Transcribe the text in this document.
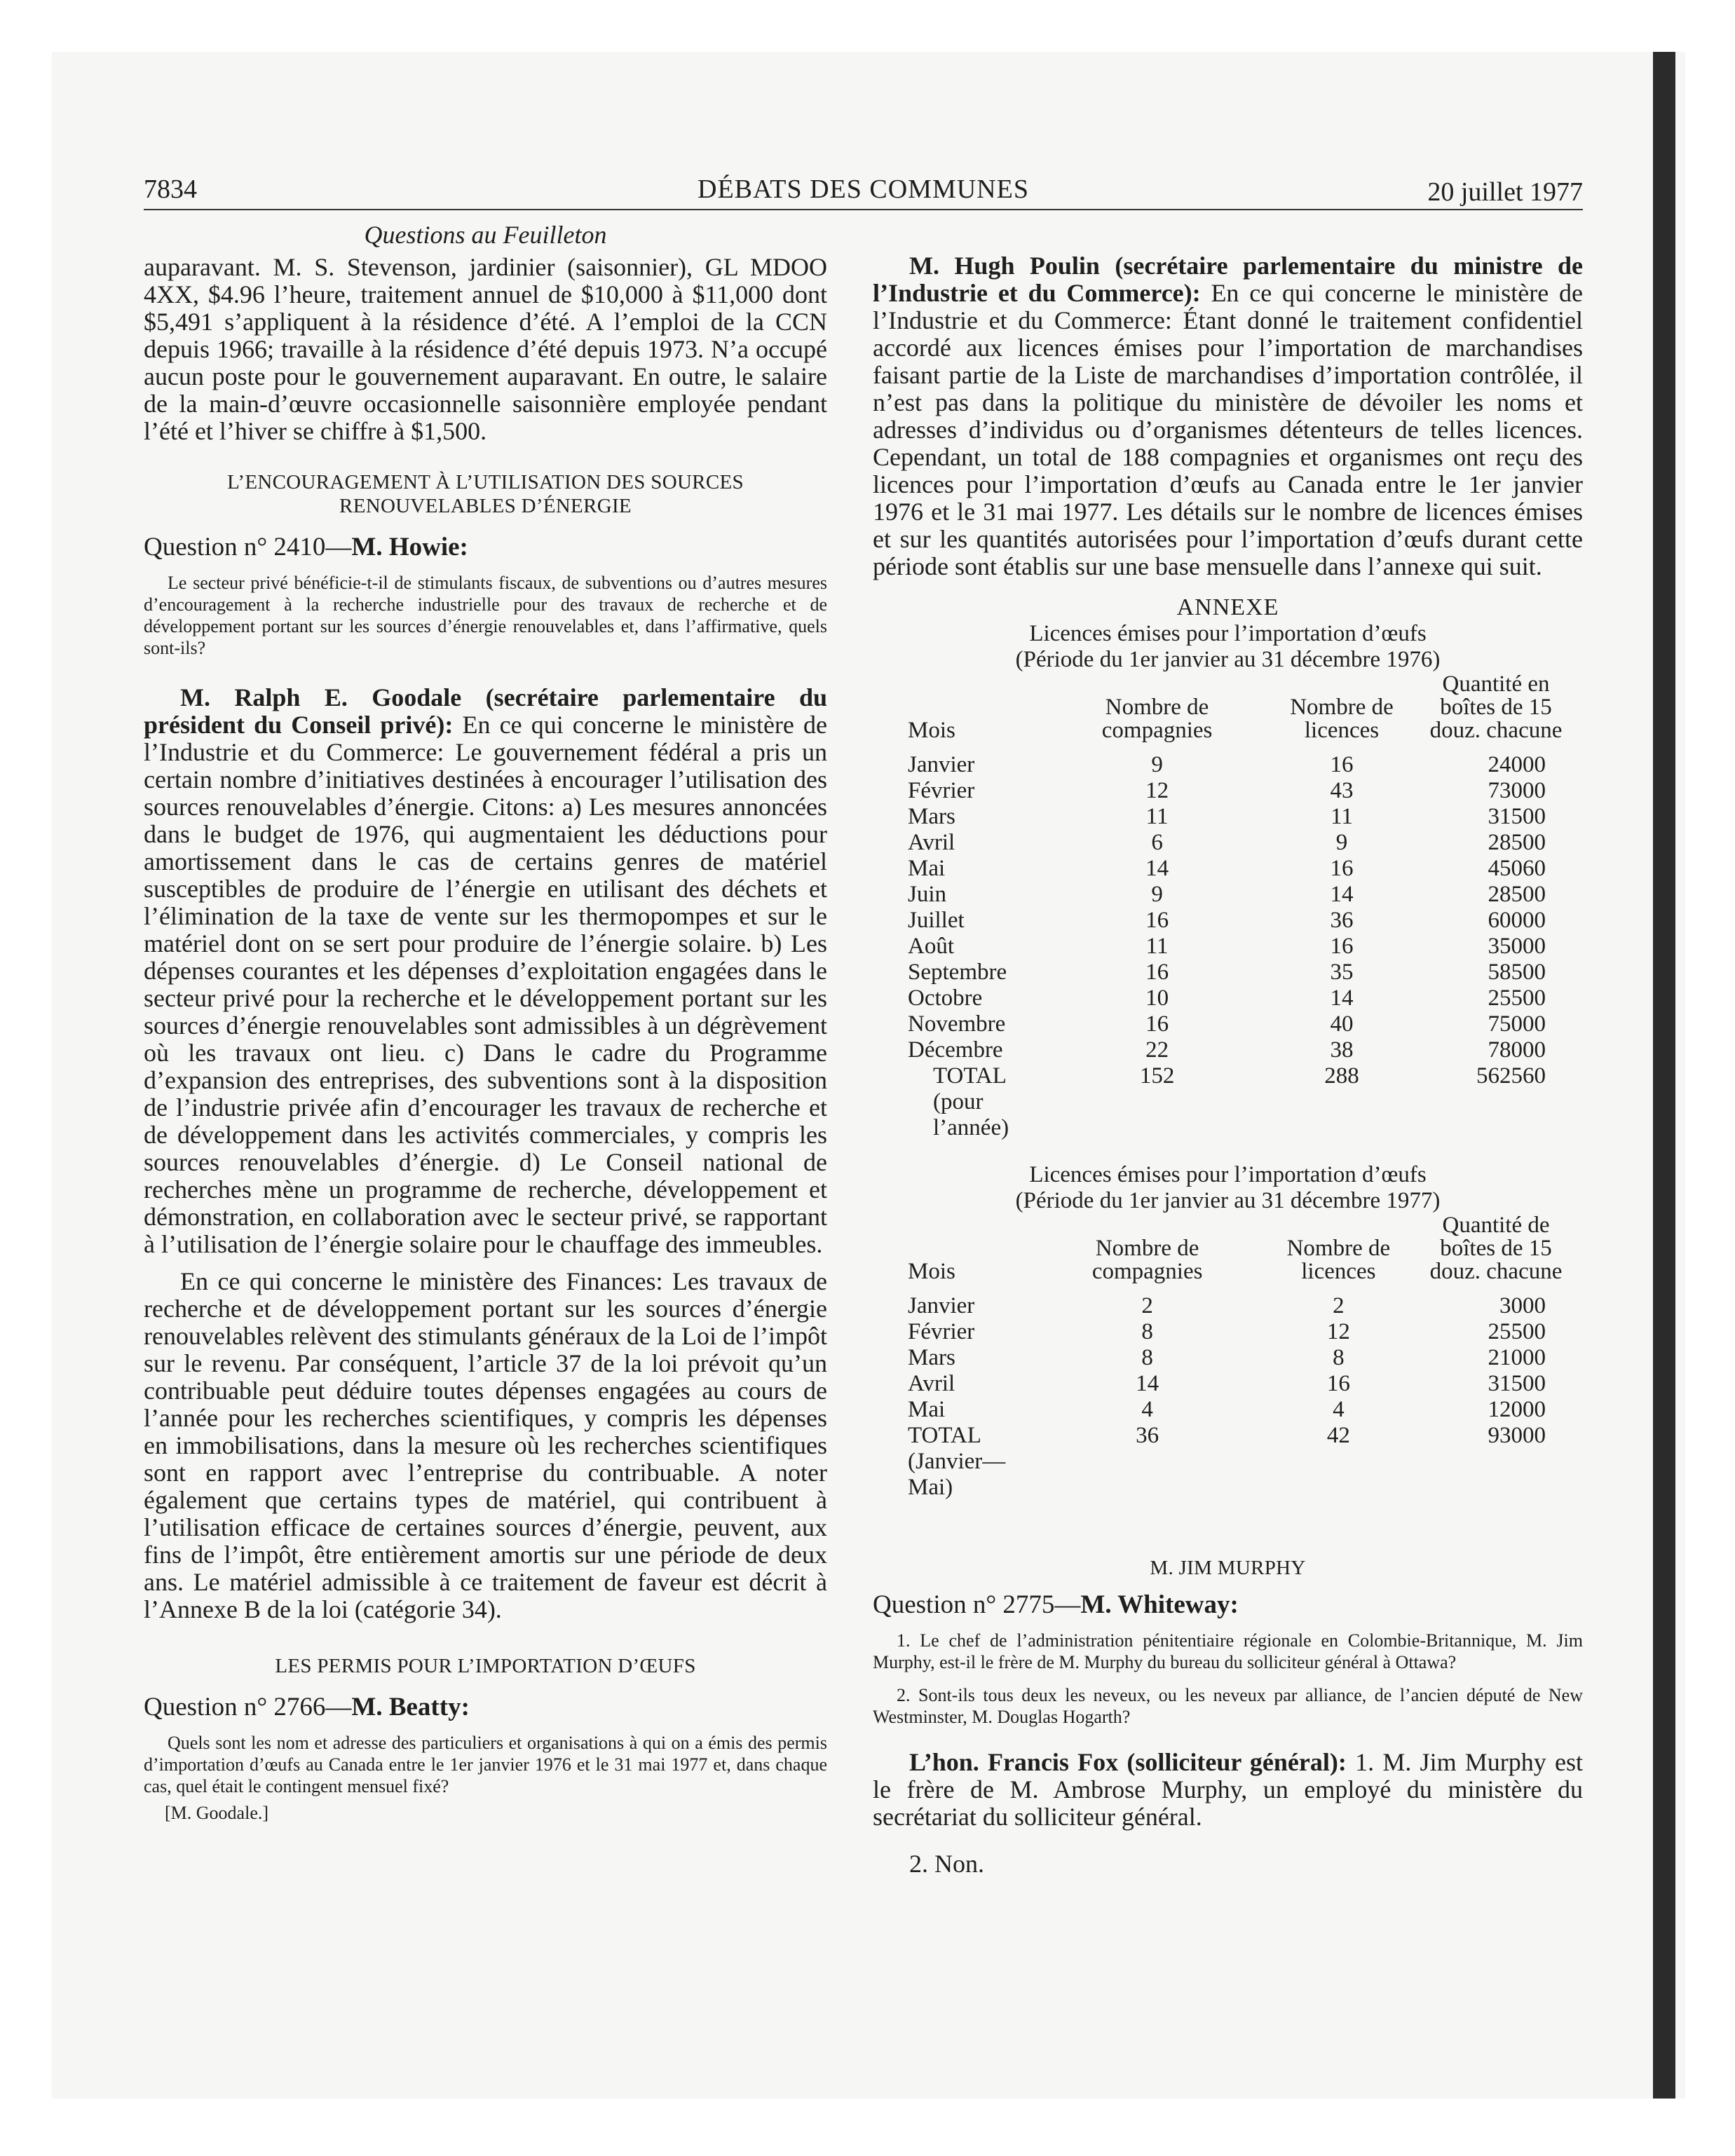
7834	DÉBATS DES COMMUNES	20 juillet 1977
Questions au Feuilleton

auparavant. M. S. Stevenson, jardinier (saisonnier), GL MDOO 4XX, $4.96 l’heure, traitement annuel de $10,000 à $11,000 dont $5,491 s’appliquent à la résidence d’été. A l’emploi de la CCN depuis 1966; travaille à la résidence d’été depuis 1973. N’a occupé aucun poste pour le gouvernement auparavant. En outre, le salaire de la main-d’œuvre occasionnelle saisonnière employée pendant l’été et l’hiver se chiffre à $1,500.

L’ENCOURAGEMENT À L’UTILISATION DES SOURCES RENOUVELABLES D’ÉNERGIE
Question n° 2410—M. Howie:

Le secteur privé bénéficie-t-il de stimulants fiscaux, de subventions ou d’autres mesures d’encouragement à la recherche industrielle pour des travaux de recherche et de développement portant sur les sources d’énergie renouvelables et, dans l’affirmative, quels sont-ils?

M. Ralph E. Goodale (secrétaire parlementaire du président du Conseil privé): En ce qui concerne le ministère de l’Industrie et du Commerce: Le gouvernement fédéral a pris un certain nombre d’initiatives destinées à encourager l’utilisation des sources renouvelables d’énergie. Citons: a) Les mesures annoncées dans le budget de 1976, qui augmentaient les déductions pour amortissement dans le cas de certains genres de matériel susceptibles de produire de l’énergie en utilisant des déchets et l’élimination de la taxe de vente sur les thermopompes et sur le matériel dont on se sert pour produire de l’énergie solaire. b) Les dépenses courantes et les dépenses d’exploitation engagées dans le secteur privé pour la recherche et le développement portant sur les sources d’énergie renouvelables sont admissibles à un dégrèvement où les travaux ont lieu. c) Dans le cadre du Programme d’expansion des entreprises, des subventions sont à la disposition de l’industrie privée afin d’encourager les travaux de recherche et de développement dans les activités commerciales, y compris les sources renouvelables d’énergie. d) Le Conseil national de recherches mène un programme de recherche, développement et démonstration, en collaboration avec le secteur privé, se rapportant à l’utilisation de l’énergie solaire pour le chauffage des immeubles.

En ce qui concerne le ministère des Finances: Les travaux de recherche et de développement portant sur les sources d’énergie renouvelables relèvent des stimulants généraux de la Loi de l’impôt sur le revenu. Par conséquent, l’article 37 de la loi prévoit qu’un contribuable peut déduire toutes dépenses engagées au cours de l’année pour les recherches scientifiques, y compris les dépenses en immobilisations, dans la mesure où les recherches scientifiques sont en rapport avec l’entreprise du contribuable. A noter également que certains types de matériel, qui contribuent à l’utilisation efficace de certaines sources d’énergie, peuvent, aux fins de l’impôt, être entièrement amortis sur une période de deux ans. Le matériel admissible à ce traitement de faveur est décrit à l’Annexe B de la loi (catégorie 34).

LES PERMIS POUR L’IMPORTATION D’ŒUFS
Question n° 2766—M. Beatty:

Quels sont les nom et adresse des particuliers et organisations à qui on a émis des permis d’importation d’œufs au Canada entre le 1er janvier 1976 et le 31 mai 1977 et, dans chaque cas, quel était le contingent mensuel fixé?

[M. Goodale.]

M. Hugh Poulin (secrétaire parlementaire du ministre de l’Industrie et du Commerce): En ce qui concerne le ministère de l’Industrie et du Commerce: Étant donné le traitement confidentiel accordé aux licences émises pour l’importation de marchandises faisant partie de la Liste de marchandises d’importation contrôlée, il n’est pas dans la politique du ministère de dévoiler les noms et adresses d’individus ou d’organismes détenteurs de telles licences. Cependant, un total de 188 compagnies et organismes ont reçu des licences pour l’importation d’œufs au Canada entre le 1er janvier 1976 et le 31 mai 1977. Les détails sur le nombre de licences émises et sur les quantités autorisées pour l’importation d’œufs durant cette période sont établis sur une base mensuelle dans l’annexe qui suit.

ANNEXE
Licences émises pour l’importation d’œufs
(Période du 1er janvier au 31 décembre 1976)
Mois	Nombre de compagnies	Nombre de licences	Quantité en boîtes de 15 douz. chacune
Janvier	9	16	24000
Février	12	43	73000
Mars	11	11	31500
Avril	6	9	28500
Mai	14	16	45060
Juin	9	14	28500
Juillet	16	36	60000
Août	11	16	35000
Septembre	16	35	58500
Octobre	10	14	25500
Novembre	16	40	75000
Décembre	22	38	78000

TOTAL
(pour l’année)	152	288	562560
Licences émises pour l’importation d’œufs
(Période du 1er janvier au 31 décembre 1977)
Mois	Nombre de compagnies	Nombre de licences	Quantité de boîtes de 15 douz. chacune
Janvier	2	2	3000
Février	8	12	25500
Mars	8	8	21000
Avril	14	16	31500
Mai	4	4	12000

TOTAL
(Janvier—Mai)	36	42	93000
M. JIM MURPHY
Question n° 2775—M. Whiteway:

1. Le chef de l’administration pénitentiaire régionale en Colombie-Britannique, M. Jim Murphy, est-il le frère de M. Murphy du bureau du solliciteur général à Ottawa?

2. Sont-ils tous deux les neveux, ou les neveux par alliance, de l’ancien député de New Westminster, M. Douglas Hogarth?

L’hon. Francis Fox (solliciteur général): 1. M. Jim Murphy est le frère de M. Ambrose Murphy, un employé du ministère du secrétariat du solliciteur général.

2. Non.
